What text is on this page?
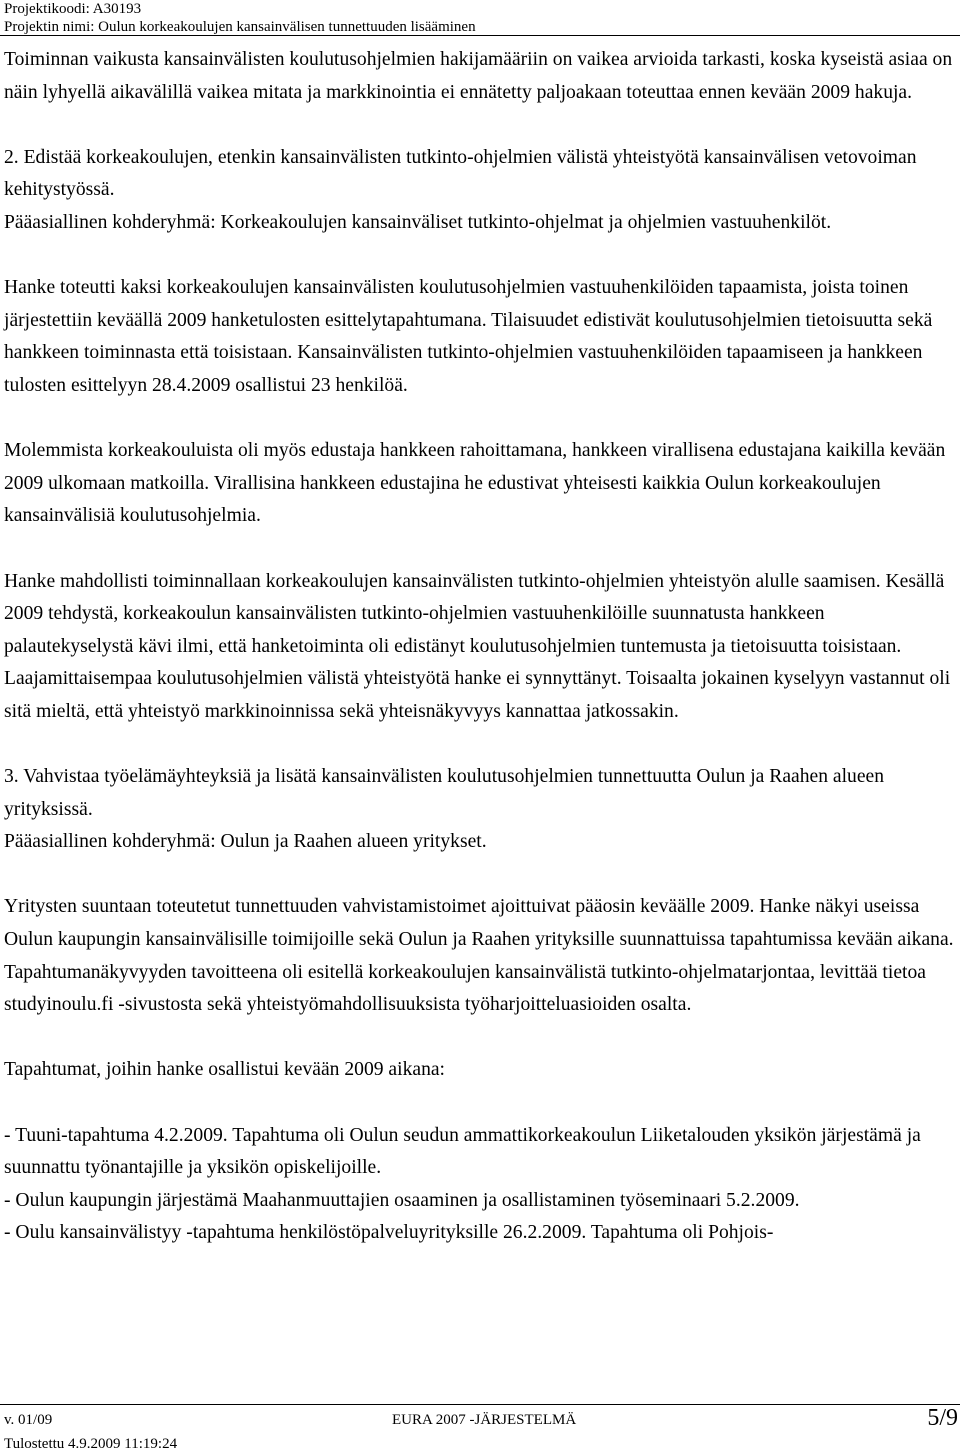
Projektikoodi: A30193
Projektin nimi: Oulun korkeakoulujen kansainvälisen tunnettuuden lisääminen

Toiminnan vaikusta kansainvälisten koulutusohjelmien hakijamääriin on vaikea arvioida tarkasti, koska kyseistä asiaa on näin lyhyellä aikavälillä vaikea mitata ja markkinointia ei ennätetty paljoakaan toteuttaa ennen kevään 2009 hakuja.

2. Edistää korkeakoulujen, etenkin kansainvälisten tutkinto-ohjelmien välistä yhteistyötä kansainvälisen vetovoiman kehitystyössä.

Pääasiallinen kohderyhmä: Korkeakoulujen kansainväliset tutkinto-ohjelmat ja ohjelmien vastuuhenkilöt.

Hanke toteutti kaksi korkeakoulujen kansainvälisten koulutusohjelmien vastuuhenkilöiden tapaamista, joista toinen järjestettiin keväällä 2009 hanketulosten esittelytapahtumana. Tilaisuudet edistivät koulutusohjelmien tietoisuutta sekä hankkeen toiminnasta että toisistaan. Kansainvälisten tutkinto-ohjelmien vastuuhenkilöiden tapaamiseen ja hankkeen tulosten esittelyyn 28.4.2009 osallistui 23 henkilöä.

Molemmista korkeakouluista oli myös edustaja hankkeen rahoittamana, hankkeen virallisena edustajana kaikilla kevään 2009 ulkomaan matkoilla. Virallisina hankkeen edustajina he edustivat yhteisesti kaikkia Oulun korkeakoulujen kansainvälisiä koulutusohjelmia.

Hanke mahdollisti toiminnallaan korkeakoulujen kansainvälisten tutkinto-ohjelmien yhteistyön alulle saamisen. Kesällä 2009 tehdystä, korkeakoulun kansainvälisten tutkinto-ohjelmien vastuuhenkilöille suunnatusta hankkeen palautekyselystä kävi ilmi, että hanketoiminta oli edistänyt koulutusohjelmien tuntemusta ja tietoisuutta toisistaan. Laajamittaisempaa koulutusohjelmien välistä yhteistyötä hanke ei synnyttänyt. Toisaalta jokainen kyselyyn vastannut oli sitä mieltä, että yhteistyö markkinoinnissa sekä yhteisnäkyvyys kannattaa jatkossakin.

3. Vahvistaa työelämäyhteyksiä ja lisätä kansainvälisten koulutusohjelmien tunnettuutta Oulun ja Raahen alueen yrityksissä.

Pääasiallinen kohderyhmä: Oulun ja Raahen alueen yritykset.

Yritysten suuntaan toteutetut tunnettuuden vahvistamistoimet ajoittuivat pääosin keväälle 2009. Hanke näkyi useissa Oulun kaupungin kansainvälisille toimijoille sekä Oulun ja Raahen yrityksille suunnattuissa tapahtumissa kevään aikana. Tapahtumanäkyvyyden tavoitteena oli esitellä korkeakoulujen kansainvälistä tutkinto-ohjelmatarjontaa, levittää tietoa studyinoulu.fi -sivustosta sekä yhteistyömahdollisuuksista työharjoitteluasioiden osalta.

Tapahtumat, joihin hanke osallistui kevään 2009 aikana:

- Tuuni-tapahtuma 4.2.2009. Tapahtuma oli Oulun seudun ammattikorkeakoulun Liiketalouden yksikön järjestämä ja suunnattu työnantajille ja yksikön opiskelijoille.

- Oulun kaupungin järjestämä Maahanmuuttajien osaaminen ja osallistaminen työseminaari 5.2.2009.

- Oulu kansainvälistyy -tapahtuma henkilöstöpalveluyrityksille 26.2.2009. Tapahtuma oli Pohjois-

v. 01/09	EURA 2007 -JÄRJESTELMÄ	5/9
Tulostettu 4.9.2009 11:19:24
